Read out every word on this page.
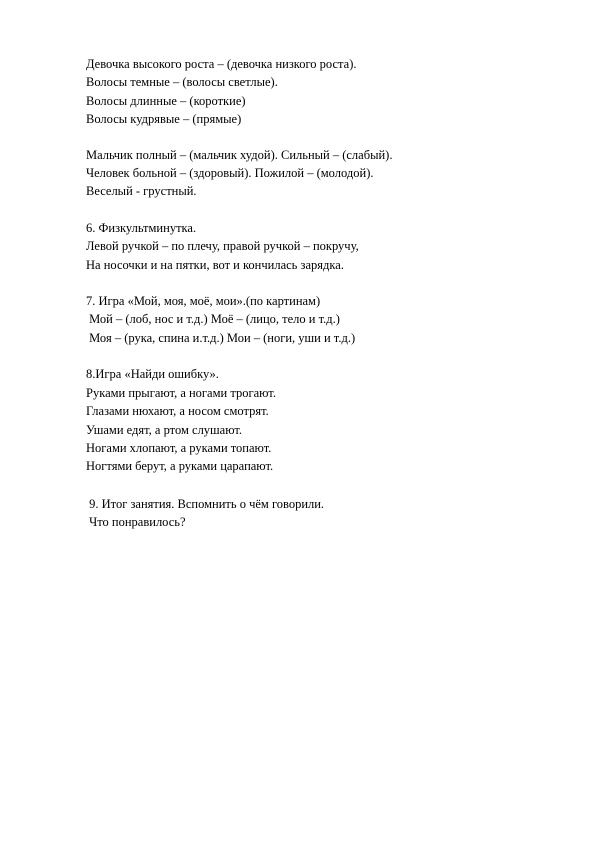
Девочка высокого роста – (девочка низкого роста).
Волосы темные – (волосы светлые).
Волосы длинные – (короткие)
Волосы кудрявые – (прямые)
Мальчик полный – (мальчик худой). Сильный – (слабый).
Человек больной – (здоровый). Пожилой – (молодой).
Веселый - грустный.
6. Физкультминутка.
Левой ручкой – по плечу, правой ручкой – покручу,
На носочки и на пятки, вот и кончилась зарядка.
7. Игра «Мой, моя, моё, мои».(по картинам)
Мой – (лоб, нос и т.д.) Моё – (лицо, тело и т.д.)
Моя – (рука, спина и.т.д.) Мои – (ноги, уши и т.д.)
8.Игра «Найди ошибку».
Руками прыгают, а ногами трогают.
Глазами нюхают, а носом смотрят.
Ушами едят, а ртом слушают.
Ногами хлопают, а руками топают.
Ногтями берут, а руками царапают.
9. Итог занятия. Вспомнить о чём говорили.
Что понравилось?
